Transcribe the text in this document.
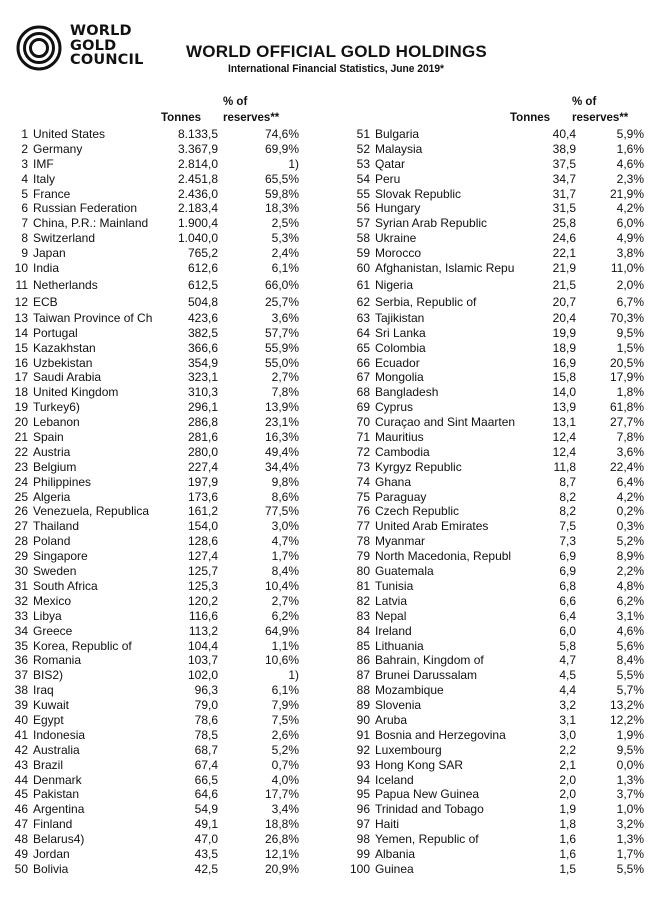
WORLD
GOLD
COUNCIL	WORLD OFFICIAL GOLD HOLDINGS
International Financial Statistics, June 2019*
% of
Tonnes reserves**
% of
Tonnes reserves**
1 United States	8.133,5	74,6%
2 Germany	3.367,9	69,9%
3 IMF	2.814,0	1)
4 Italy	2.451,8	65,5%
5 France	2.436,0	59,8%
6 Russian Federation	2.183,4	18,3%
7 China, P.R.: Mainland	1.900,4	2,5%
8 Switzerland	1.040,0	5,3%
9 Japan	765,2	2,4%
10 India	612,6	6,1%
11 Netherlands	612,5	66,0%
12 ECB	504,8	25,7%
13 Taiwan Province of Ch	423,6	3,6%
14 Portugal	382,5	57,7%
15 Kazakhstan	366,6	55,9%
16 Uzbekistan	354,9	55,0%
17 Saudi Arabia	323,1	2,7%
18 United Kingdom	310,3	7,8%
19 Turkey6)	296,1	13,9%
20 Lebanon	286,8	23,1%
21 Spain	281,6	16,3%
22 Austria	280,0	49,4%
23 Belgium	227,4	34,4%
24 Philippines	197,9	9,8%
25 Algeria	173,6	8,6%
26 Venezuela, Republica	161,2	77,5%
27 Thailand	154,0	3,0%
28 Poland	128,6	4,7%
29 Singapore	127,4	1,7%
30 Sweden	125,7	8,4%
31 South Africa	125,3	10,4%
32 Mexico	120,2	2,7%
33 Libya	116,6	6,2%
34 Greece	113,2	64,9%
35 Korea, Republic of	104,4	1,1%
36 Romania	103,7	10,6%
37 BIS2)	102,0	1)
38 Iraq	96,3	6,1%
39 Kuwait	79,0	7,9%
40 Egypt	78,6	7,5%
41 Indonesia	78,5	2,6%
42 Australia	68,7	5,2%
43 Brazil	67,4	0,7%
44 Denmark	66,5	4,0%
45 Pakistan	64,6	17,7%
46 Argentina	54,9	3,4%
47 Finland	49,1	18,8%
48 Belarus4)	47,0	26,8%
49 Jordan	43,5	12,1%
50 Bolivia	42,5	20,9%
51 Bulgaria	40,4	5,9%
52 Malaysia	38,9	1,6%
53 Qatar	37,5	4,6%
54 Peru	34,7	2,3%
55 Slovak Republic	31,7	21,9%
56 Hungary	31,5	4,2%
57 Syrian Arab Republic	25,8	6,0%
58 Ukraine	24,6	4,9%
59 Morocco	22,1	3,8%
60 Afghanistan, Islamic Repu	21,9	11,0%
61 Nigeria	21,5	2,0%
62 Serbia, Republic of	20,7	6,7%
63 Tajikistan	20,4	70,3%
64 Sri Lanka	19,9	9,5%
65 Colombia	18,9	1,5%
66 Ecuador	16,9	20,5%
67 Mongolia	15,8	17,9%
68 Bangladesh	14,0	1,8%
69 Cyprus	13,9	61,8%
70 Curaçao and Sint Maarten	13,1	27,7%
71 Mauritius	12,4	7,8%
72 Cambodia	12,4	3,6%
73 Kyrgyz Republic	11,8	22,4%
74 Ghana	8,7	6,4%
75 Paraguay	8,2	4,2%
76 Czech Republic	8,2	0,2%
77 United Arab Emirates	7,5	0,3%
78 Myanmar	7,3	5,2%
79 North Macedonia, Republ	6,9	8,9%
80 Guatemala	6,9	2,2%
81 Tunisia	6,8	4,8%
82 Latvia	6,6	6,2%
83 Nepal	6,4	3,1%
84 Ireland	6,0	4,6%
85 Lithuania	5,8	5,6%
86 Bahrain, Kingdom of	4,7	8,4%
87 Brunei Darussalam	4,5	5,5%
88 Mozambique	4,4	5,7%
89 Slovenia	3,2	13,2%
90 Aruba	3,1	12,2%
91 Bosnia and Herzegovina	3,0	1,9%
92 Luxembourg	2,2	9,5%
93 Hong Kong SAR	2,1	0,0%
94 Iceland	2,0	1,3%
95 Papua New Guinea	2,0	3,7%
96 Trinidad and Tobago	1,9	1,0%
97 Haiti	1,8	3,2%
98 Yemen, Republic of	1,6	1,3%
99 Albania	1,6	1,7%
100 Guinea	1,5	5,5%
